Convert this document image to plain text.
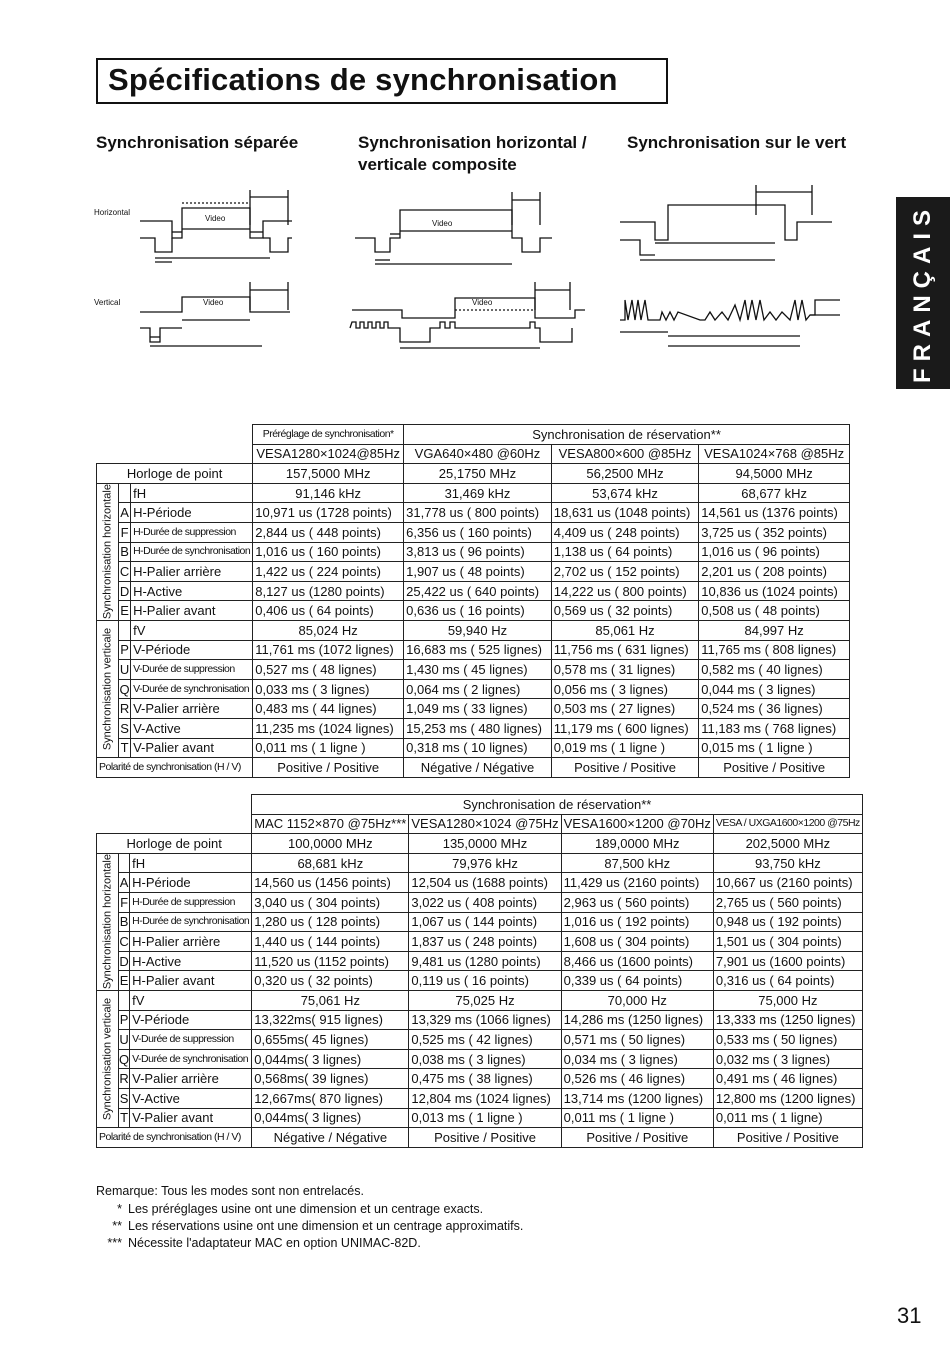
Spécifications de synchronisation
FRANÇAIS
Synchronisation séparée	Synchronisation horizontal / verticale composite
Synchronisation sur le vert
Horizontal
Vertical
Video
Video
Video
Video
			Préréglage de synchronisation*	Synchronisation de réservation**		
			VESA1280×1024@85Hz	VGA640×480 @60Hz	VESA800×600 @85Hz	VESA1024×768 @85Hz
Horloge de point			157,5000 MHz	25,1750 MHz	56,2500 MHz	94,5000 MHz
Synchronisation horizontale		fH	91,146 kHz	31,469 kHz	53,674 kHz	68,677 kHz
	A	H-Période	10,971 us (1728 points)	31,778 us ( 800 points)	18,631 us (1048 points)	14,561 us (1376 points)
	F	H-Durée de suppression	2,844 us ( 448 points)	6,356 us ( 160 points)	4,409 us ( 248 points)	3,725 us ( 352 points)
	B	H-Durée de synchronisation	1,016 us ( 160 points)	3,813 us ( 96 points)	1,138 us ( 64 points)	1,016 us ( 96 points)
	C	H-Palier arrière	1,422 us ( 224 points)	1,907 us ( 48 points)	2,702 us ( 152 points)	2,201 us ( 208 points)
	D	H-Active	8,127 us (1280 points)	25,422 us ( 640 points)	14,222 us ( 800 points)	10,836 us (1024 points)
	E	H-Palier avant	0,406 us ( 64 points)	0,636 us ( 16 points)	0,569 us ( 32 points)	0,508 us ( 48 points)
Synchronisation verticale		fV	85,024 Hz	59,940 Hz	85,061 Hz	84,997 Hz
	P	V-Période	11,761 ms (1072 lignes)	16,683 ms ( 525 lignes)	11,756 ms ( 631 lignes)	11,765 ms ( 808 lignes)
	U	V-Durée de suppression	0,527 ms ( 48 lignes)	1,430 ms ( 45 lignes)	0,578 ms ( 31 lignes)	0,582 ms ( 40 lignes)
	Q	V-Durée de synchronisation	0,033 ms ( 3 lignes)	0,064 ms ( 2 lignes)	0,056 ms ( 3 lignes)	0,044 ms ( 3 lignes)
	R	V-Palier arrière	0,483 ms ( 44 lignes)	1,049 ms ( 33 lignes)	0,503 ms ( 27 lignes)	0,524 ms ( 36 lignes)
	S	V-Active	11,235 ms (1024 lignes)	15,253 ms ( 480 lignes)	11,179 ms ( 600 lignes)	11,183 ms ( 768 lignes)
	T	V-Palier avant	0,011 ms ( 1 ligne )	0,318 ms ( 10 lignes)	0,019 ms ( 1 ligne )	0,015 ms ( 1 ligne )
Polarité de synchronisation (H / V)			Positive / Positive	Négative / Négative	Positive / Positive	Positive / Positive
			Synchronisation de réservation**			
			MAC 1152×870 @75Hz***	VESA1280×1024 @75Hz	VESA1600×1200 @70Hz	VESA / UXGA1600×1200 @75Hz
Horloge de point			100,0000 MHz	135,0000 MHz	189,0000 MHz	202,5000 MHz
Synchronisation horizontale		fH	68,681 kHz	79,976 kHz	87,500 kHz	93,750 kHz
	A	H-Période	14,560 us (1456 points)	12,504 us (1688 points)	11,429 us (2160 points)	10,667 us (2160 points)
	F	H-Durée de suppression	3,040 us ( 304 points)	3,022 us ( 408 points)	2,963 us ( 560 points)	2,765 us ( 560 points)
	B	H-Durée de synchronisation	1,280 us ( 128 points)	1,067 us ( 144 points)	1,016 us ( 192 points)	0,948 us ( 192 points)
	C	H-Palier arrière	1,440 us ( 144 points)	1,837 us ( 248 points)	1,608 us ( 304 points)	1,501 us ( 304 points)
	D	H-Active	11,520 us (1152 points)	9,481 us (1280 points)	8,466 us (1600 points)	7,901 us (1600 points)
	E	H-Palier avant	0,320 us ( 32 points)	0,119 us ( 16 points)	0,339 us ( 64 points)	0,316 us ( 64 points)
Synchronisation verticale		fV	75,061 Hz	75,025 Hz	70,000 Hz	75,000 Hz
	P	V-Période	13,322ms( 915 lignes)	13,329 ms (1066 lignes)	14,286 ms (1250 lignes)	13,333 ms (1250 lignes)
	U	V-Durée de suppression	0,655ms( 45 lignes)	0,525 ms ( 42 lignes)	0,571 ms ( 50 lignes)	0,533 ms ( 50 lignes)
	Q	V-Durée de synchronisation	0,044ms( 3 lignes)	0,038 ms ( 3 lignes)	0,034 ms ( 3 lignes)	0,032 ms ( 3 lignes)
	R	V-Palier arrière	0,568ms( 39 lignes)	0,475 ms ( 38 lignes)	0,526 ms ( 46 lignes)	0,491 ms ( 46 lignes)
	S	V-Active	12,667ms( 870 lignes)	12,804 ms (1024 lignes)	13,714 ms (1200 lignes)	12,800 ms (1200 lignes)
	T	V-Palier avant	0,044ms( 3 lignes)	0,013 ms ( 1 ligne )	0,011 ms ( 1 ligne )	0,011 ms ( 1 ligne)
Polarité de synchronisation (H / V)			Négative / Négative	Positive / Positive	Positive / Positive	Positive / Positive
Remarque: Tous les modes sont non entrelacés.
* Les préréglages usine ont une dimension et un centrage exacts.
** Les réservations usine ont une dimension et un centrage approximatifs.
*** Nécessite l'adaptateur MAC en option UNIMAC-82D.
31
